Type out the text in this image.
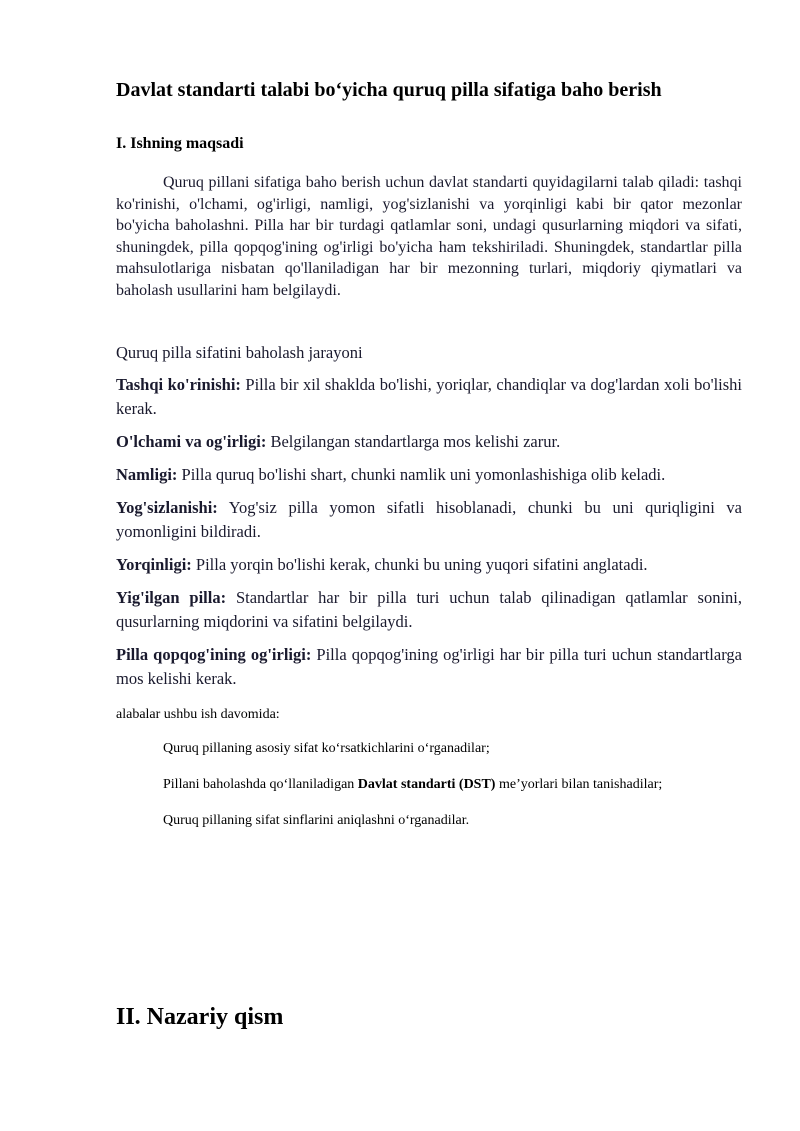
Davlat standarti talabi bo‘yicha quruq pilla sifatiga baho berish
I. Ishning maqsadi

Quruq pillani sifatiga baho berish uchun davlat standarti quyidagilarni talab qiladi: tashqi ko'rinishi, o'lchami, og'irligi, namligi, yog'sizlanishi va yorqinligi kabi bir qator mezonlar bo'yicha baholashni. Pilla har bir turdagi qatlamlar soni, undagi qusurlarning miqdori va sifati, shuningdek, pilla qopqog'ining og'irligi bo'yicha ham tekshiriladi. Shuningdek, standartlar pilla mahsulotlariga nisbatan qo'llaniladigan har bir mezonning turlari, miqdoriy qiymatlari va baholash usullarini ham belgilaydi.

Quruq pilla sifatini baholash jarayoni

Tashqi ko'rinishi: Pilla bir xil shaklda bo'lishi, yoriqlar, chandiqlar va dog'lardan xoli bo'lishi kerak.

O'lchami va og'irligi: Belgilangan standartlarga mos kelishi zarur.

Namligi: Pilla quruq bo'lishi shart, chunki namlik uni yomonlashishiga olib keladi.

Yog'sizlanishi: Yog'siz pilla yomon sifatli hisoblanadi, chunki bu uni quriqligini va yomonligini bildiradi.

Yorqinligi: Pilla yorqin bo'lishi kerak, chunki bu uning yuqori sifatini anglatadi.

Yig'ilgan pilla: Standartlar har bir pilla turi uchun talab qilinadigan qatlamlar sonini, qusurlarning miqdorini va sifatini belgilaydi.

Pilla qopqog'ining og'irligi: Pilla qopqog'ining og'irligi har bir pilla turi uchun standartlarga mos kelishi kerak.

alabalar ushbu ish davomida:
Quruq pillaning asosiy sifat ko‘rsatkichlarini o‘rganadilar;
Pillani baholashda qo‘llaniladigan Davlat standarti (DST) me’yorlari bilan tanishadilar;
Quruq pillaning sifat sinflarini aniqlashni o‘rganadilar.
II. Nazariy qism
